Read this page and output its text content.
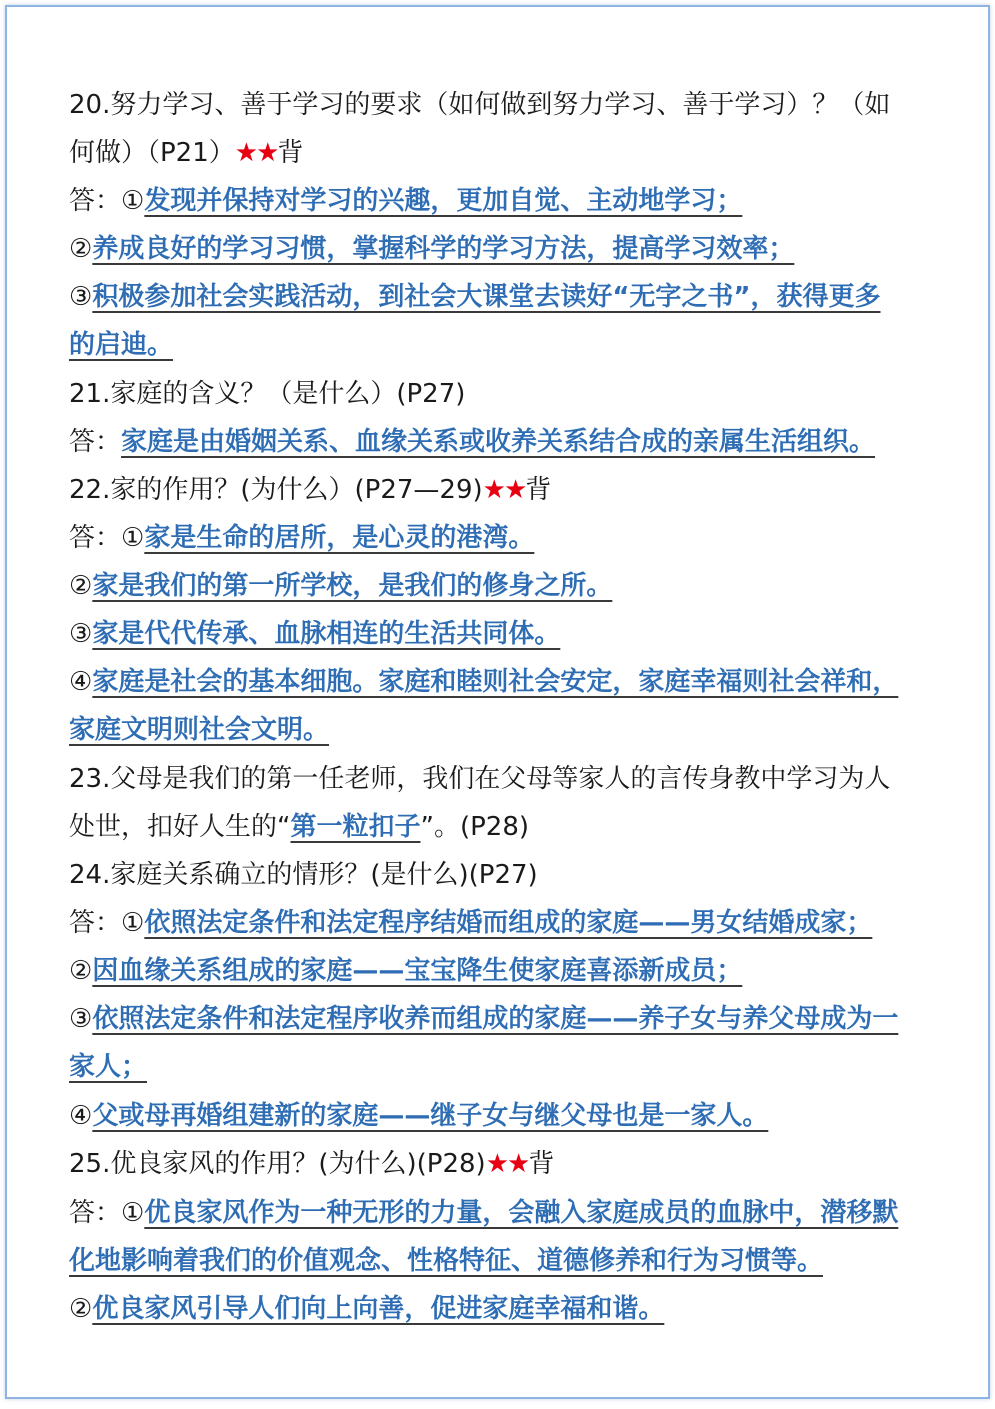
20.努力学习、善于学习的要求（如何做到努力学习、善于学习）？（如
何做）（P21）★★背
答：①发现并保持对学习的兴趣，更加自觉、主动地学习；
②养成良好的学习习惯，掌握科学的学习方法，提高学习效率；
③积极参加社会实践活动，到社会大课堂去读好“无字之书”，获得更多
的启迪。
21.家庭的含义？（是什么）(P27)
答：家庭是由婚姻关系、血缘关系或收养关系结合成的亲属生活组织。
22.家的作用？(为什么）(P27—29)★★背
答：①家是生命的居所，是心灵的港湾。
②家是我们的第一所学校，是我们的修身之所。
③家是代代传承、血脉相连的生活共同体。
④家庭是社会的基本细胞。家庭和睦则社会安定，家庭幸福则社会祥和，
家庭文明则社会文明。
23.父母是我们的第一任老师，我们在父母等家人的言传身教中学习为人
处世，扣好人生的“第一粒扣子”。(P28)
24.家庭关系确立的情形？(是什么)(P27)
答：①依照法定条件和法定程序结婚而组成的家庭——男女结婚成家；
②因血缘关系组成的家庭——宝宝降生使家庭喜添新成员；
③依照法定条件和法定程序收养而组成的家庭——养子女与养父母成为一
家人；
④父或母再婚组建新的家庭——继子女与继父母也是一家人。
25.优良家风的作用？(为什么)(P28)★★背
答：①优良家风作为一种无形的力量，会融入家庭成员的血脉中，潜移默
化地影响着我们的价值观念、性格特征、道德修养和行为习惯等。
②优良家风引导人们向上向善，促进家庭幸福和谐。
